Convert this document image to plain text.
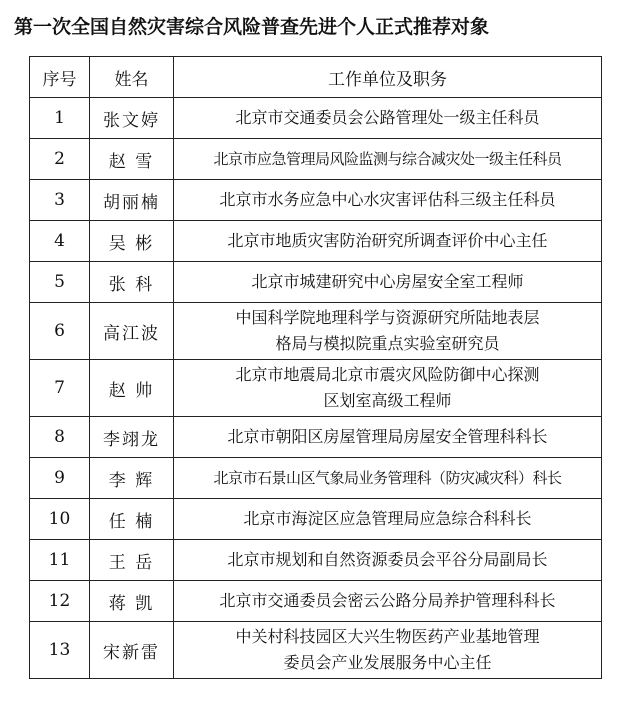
第一次全国自然灾害综合风险普查先进个人正式推荐对象
序号	姓名	工作单位及职务
1	张文婷	北京市交通委员会公路管理处一级主任科员

2	赵 雪	北京市应急管理局风险监测与综合减灾处一级主任科员

3	胡丽楠	北京市水务应急中心水灾害评估科三级主任科员

4	吴 彬	北京市地质灾害防治研究所调查评价中心主任

5	张 科	北京市城建研究中心房屋安全室工程师

6	高江波	中国科学院地理科学与资源研究所陆地表层
格局与模拟院重点实验室研究员

7	赵 帅	北京市地震局北京市震灾风险防御中心探测
区划室高级工程师

8	李翊龙	北京市朝阳区房屋管理局房屋安全管理科科长

9	李 辉	北京市石景山区气象局业务管理科（防灾减灾科）科长

10	任 楠	北京市海淀区应急管理局应急综合科科长

11	王 岳	北京市规划和自然资源委员会平谷分局副局长

12	蒋 凯	北京市交通委员会密云公路分局养护管理科科长

13	宋新雷	中关村科技园区大兴生物医药产业基地管理
委员会产业发展服务中心主任
